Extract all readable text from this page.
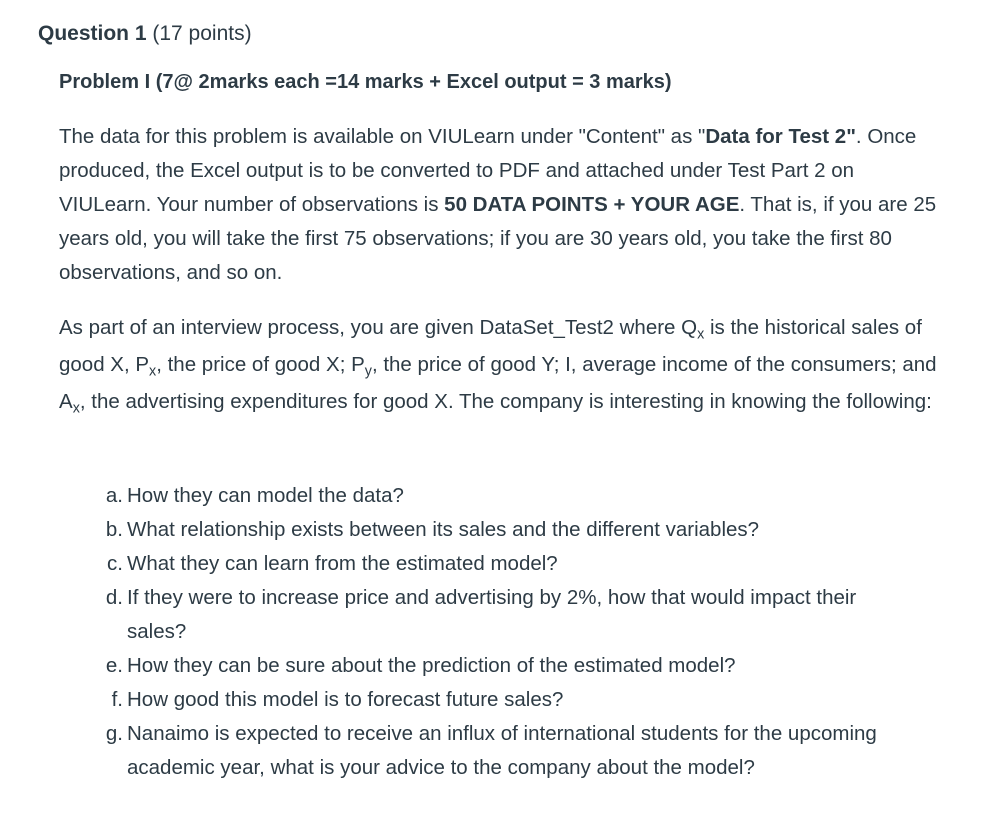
Question 1 (17 points)
Problem I (7@ 2marks each =14 marks + Excel output = 3 marks)

The data for this problem is available on VIULearn under "Content" as "Data for Test 2". Once produced, the Excel output is to be converted to PDF and attached under Test Part 2 on VIULearn. Your number of observations is 50 DATA POINTS + YOUR AGE. That is, if you are 25 years old, you will take the first 75 observations; if you are 30 years old, you take the first 80 observations, and so on.

As part of an interview process, you are given DataSet_Test2 where $Q_x$ is the historical sales of good X, $P_x$, the price of good X; $P_y$, the price of good Y; I, average income of the consumers; and $A_x$, the advertising expenditures for good X. The company is interesting in knowing the following:

a. How they can model the data?
b. What relationship exists between its sales and the different variables?
c. What they can learn from the estimated model?
d. If they were to increase price and advertising by 2%, how that would impact their sales?
e. How they can be sure about the prediction of the estimated model?
f. How good this model is to forecast future sales?
g. Nanaimo is expected to receive an influx of international students for the upcoming academic year, what is your advice to the company about the model?
